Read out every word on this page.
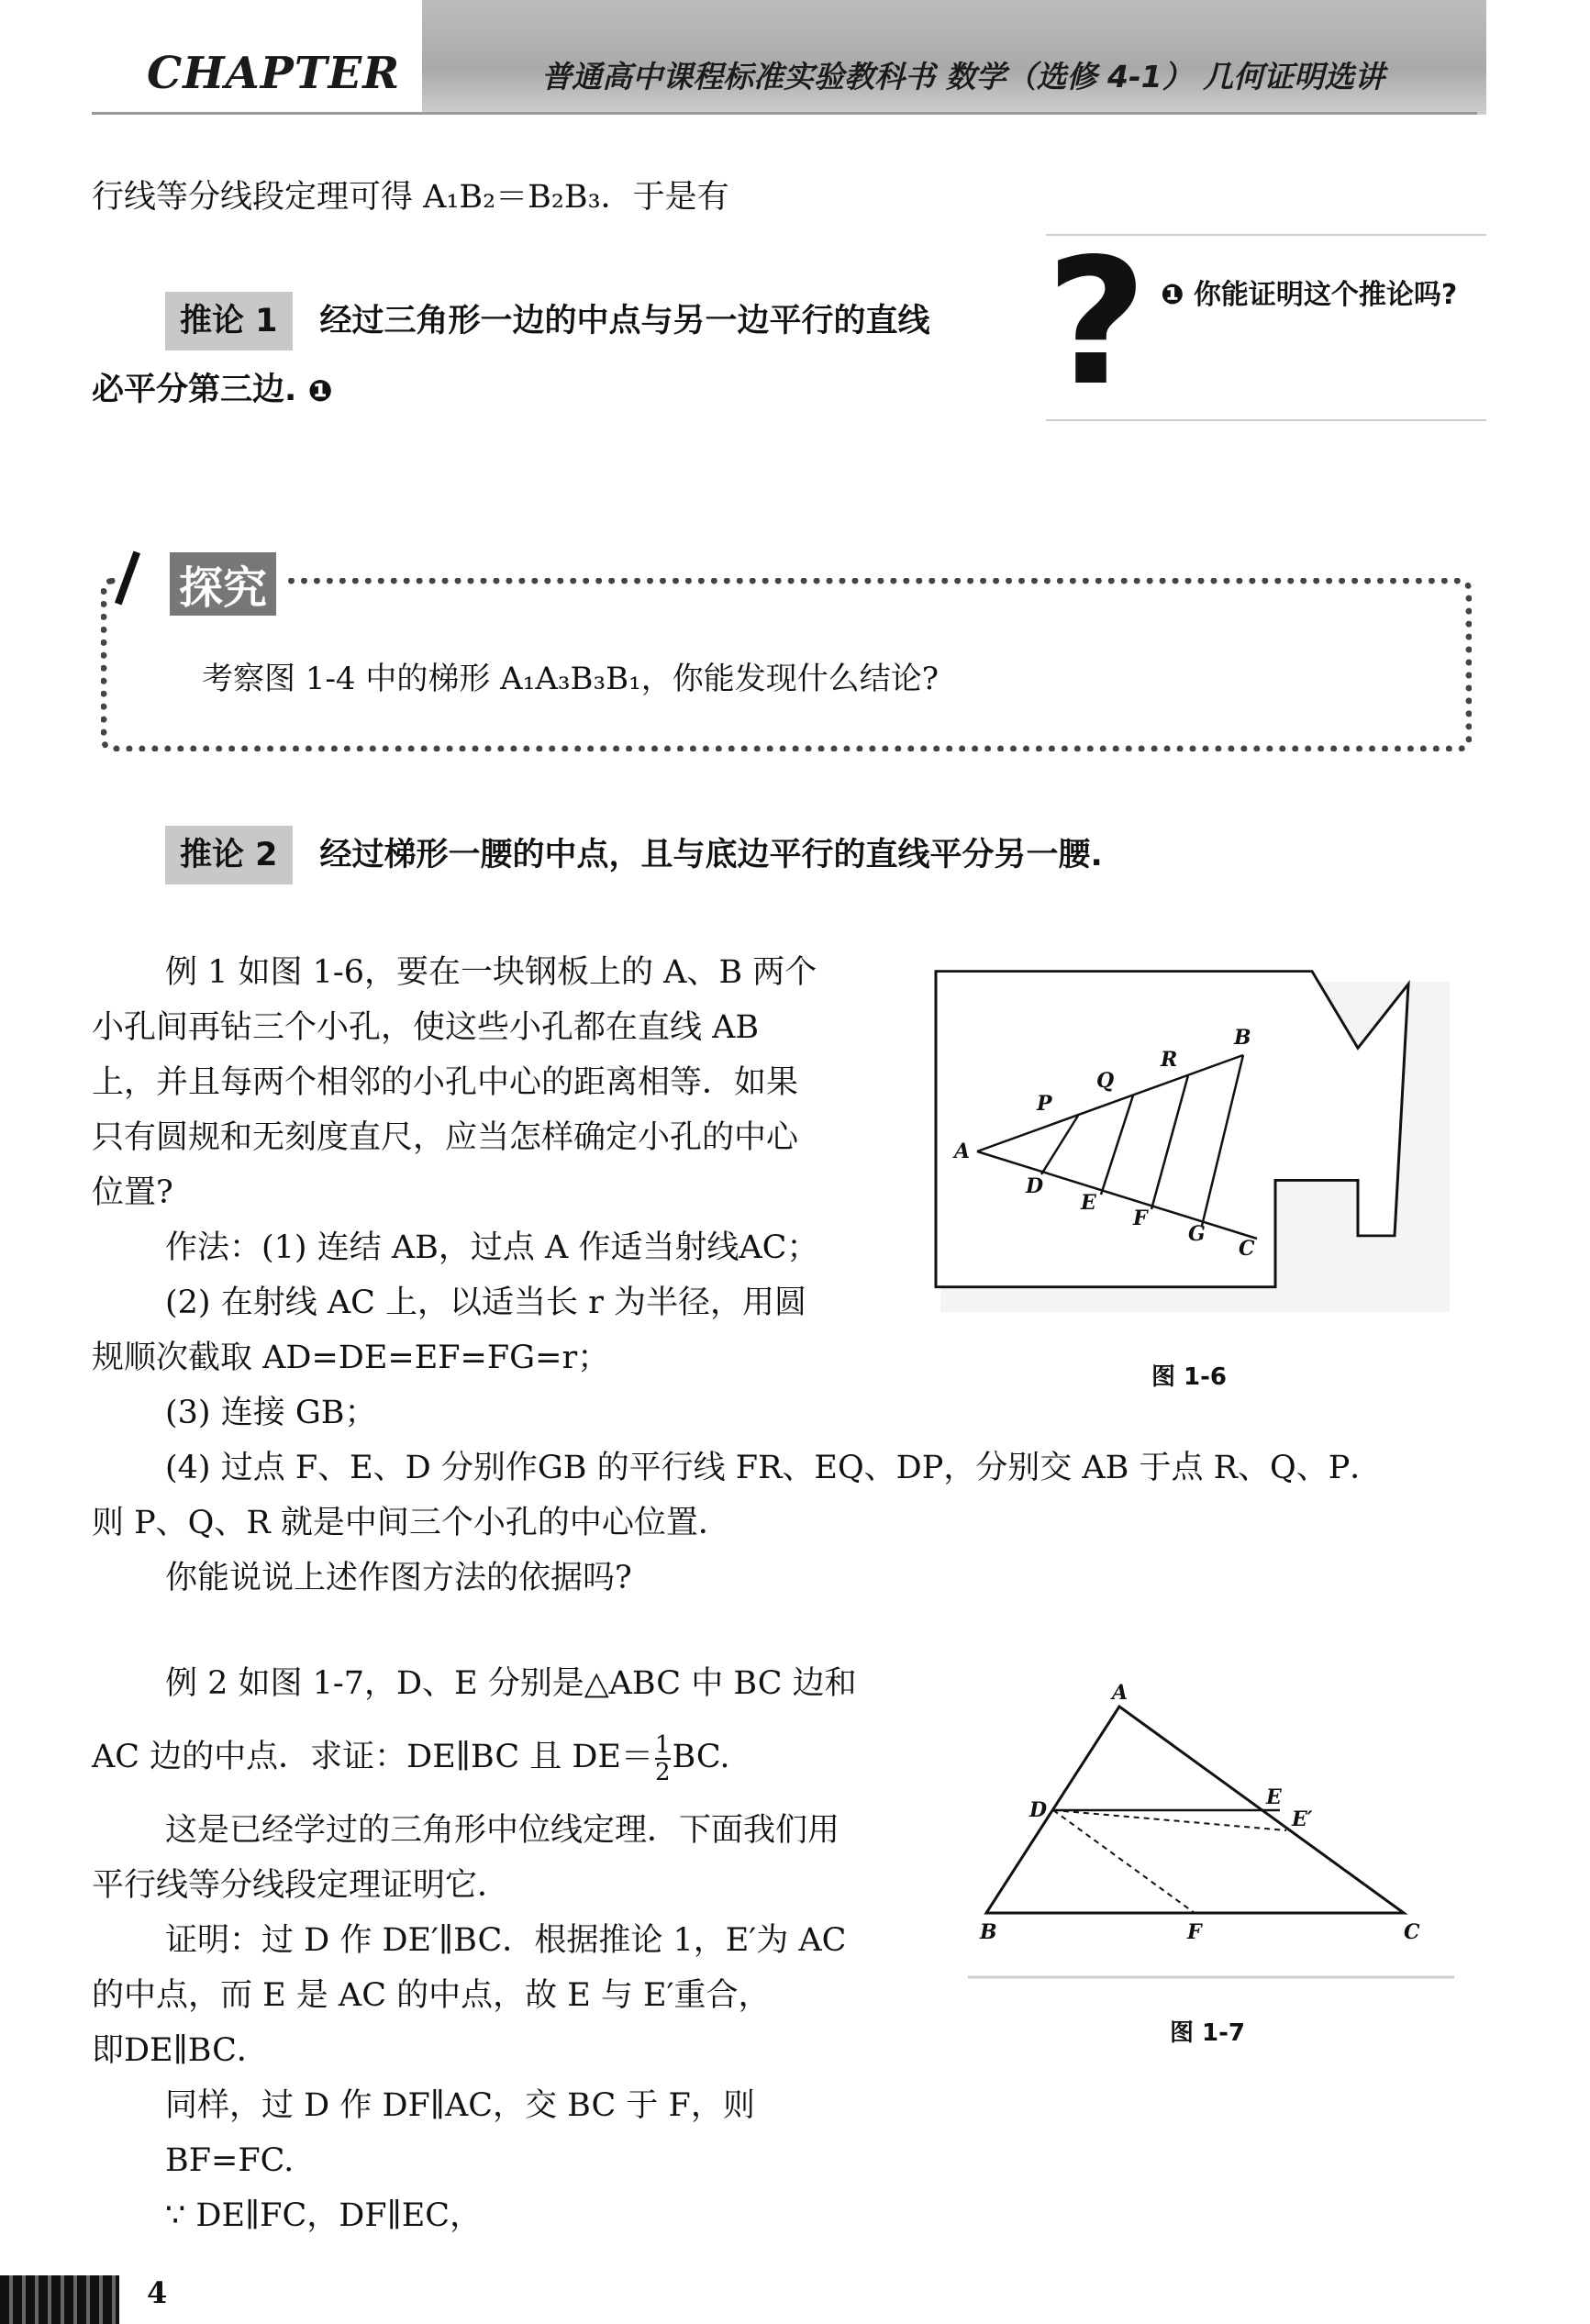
CHAPTER	普通高中课程标准实验教科书 数学（选修 4-1） 几何证明选讲
行线等分线段定理可得 A₁B₂＝B₂B₃．于是有
推论 1 经过三角形一边的中点与另一边平行的直线
必平分第三边. ❶	? ❶ 你能证明这个推论吗?
探究
考察图 1-4 中的梯形 A₁A₃B₃B₁，你能发现什么结论?
推论 2 经过梯形一腰的中点，且与底边平行的直线平分另一腰.
例 1 如图 1-6，要在一块钢板上的 A、B 两个
小孔间再钻三个小孔，使这些小孔都在直线 AB
上，并且每两个相邻的小孔中心的距离相等．如果
只有圆规和无刻度直尺，应当怎样确定小孔的中心
位置?
作法：(1) 连结 AB，过点 A 作适当射线AC；
(2) 在射线 AC 上，以适当长 r 为半径，用圆
规顺次截取 AD=DE=EF=FG=r；
(3) 连接 GB；
(4) 过点 F、E、D 分别作GB 的平行线 FR、EQ、DP，分别交 AB 于点 R、Q、P．
则 P、Q、R 就是中间三个小孔的中心位置．
你能说说上述作图方法的依据吗?
A
B
C
D
E
F
G
P
Q
R
图 1-6
例 2 如图 1-7，D、E 分别是△ABC 中 BC 边和
AC 边的中点．求证：DE∥BC 且 $DE= \frac{1}{2}$ BC.
这是已经学过的三角形中位线定理．下面我们用
平行线等分线段定理证明它．
证明：过 D 作 DE′∥BC．根据推论 1，E′为 AC
的中点，而 E 是 AC 的中点，故 E 与 E′重合，
即DE∥BC．
同样，过 D 作 DF∥AC，交 BC 于 F，则
BF=FC.
∵ DE∥FC，DF∥EC，
A
B	C
D
E
E′
F
图 1-7
4
